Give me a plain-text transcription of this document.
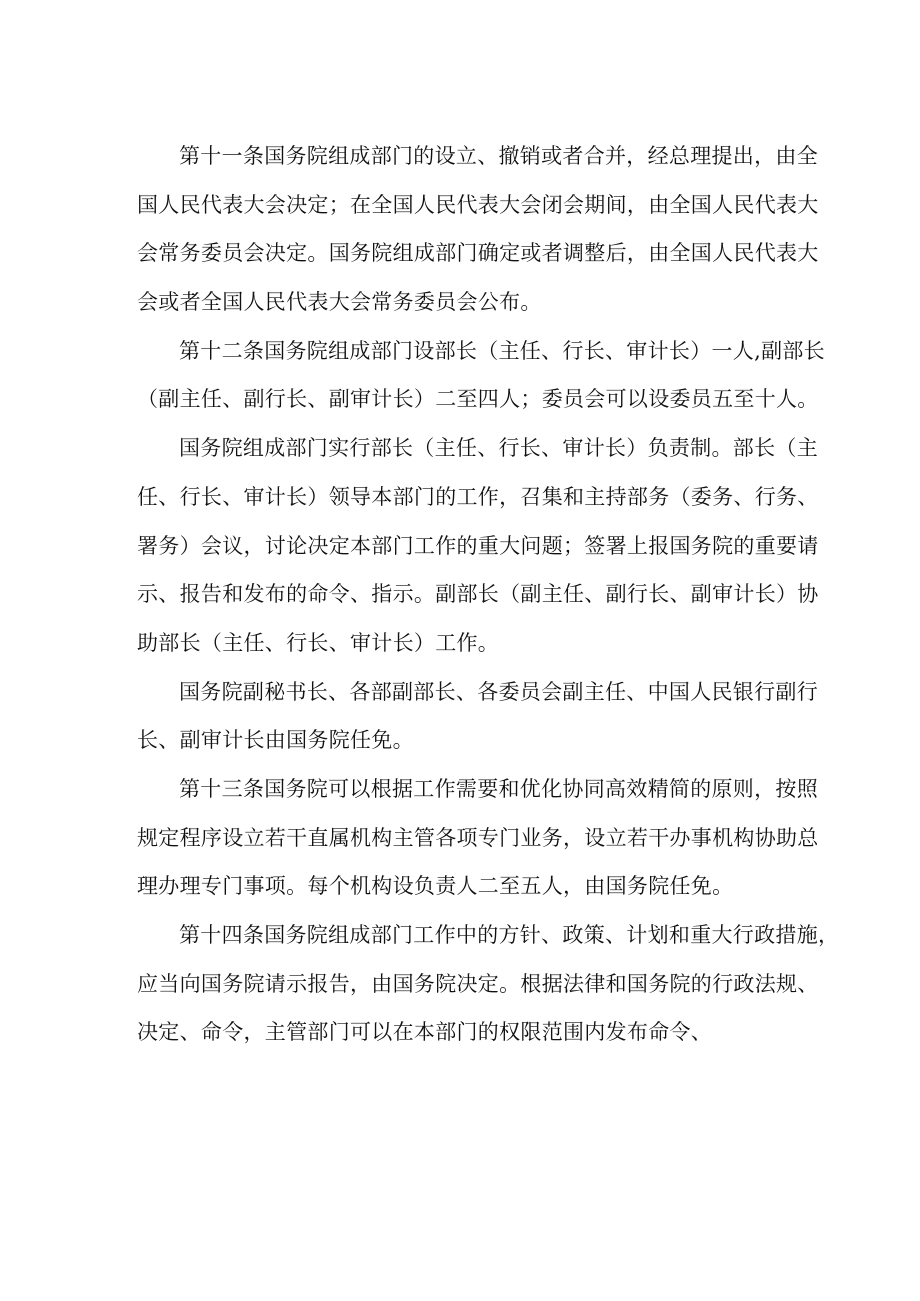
第十一条国务院组成部门的设立、撤销或者合并，经总理提出，由全
国人民代表大会决定；在全国人民代表大会闭会期间，由全国人民代表大
会常务委员会决定。国务院组成部门确定或者调整后，由全国人民代表大
会或者全国人民代表大会常务委员会公布。
第十二条国务院组成部门设部长（主任、行长、审计长）一人,副部长
（副主任、副行长、副审计长）二至四人；委员会可以设委员五至十人。
国务院组成部门实行部长（主任、行长、审计长）负责制。部长（主
任、行长、审计长）领导本部门的工作，召集和主持部务（委务、行务、
署务）会议，讨论决定本部门工作的重大问题；签署上报国务院的重要请
示、报告和发布的命令、指示。副部长（副主任、副行长、副审计长）协
助部长（主任、行长、审计长）工作。
国务院副秘书长、各部副部长、各委员会副主任、中国人民银行副行
长、副审计长由国务院任免。
第十三条国务院可以根据工作需要和优化协同高效精简的原则，按照
规定程序设立若干直属机构主管各项专门业务，设立若干办事机构协助总
理办理专门事项。每个机构设负责人二至五人，由国务院任免。
第十四条国务院组成部门工作中的方针、政策、计划和重大行政措施，
应当向国务院请示报告，由国务院决定。根据法律和国务院的行政法规、
决定、命令，主管部门可以在本部门的权限范围内发布命令、
